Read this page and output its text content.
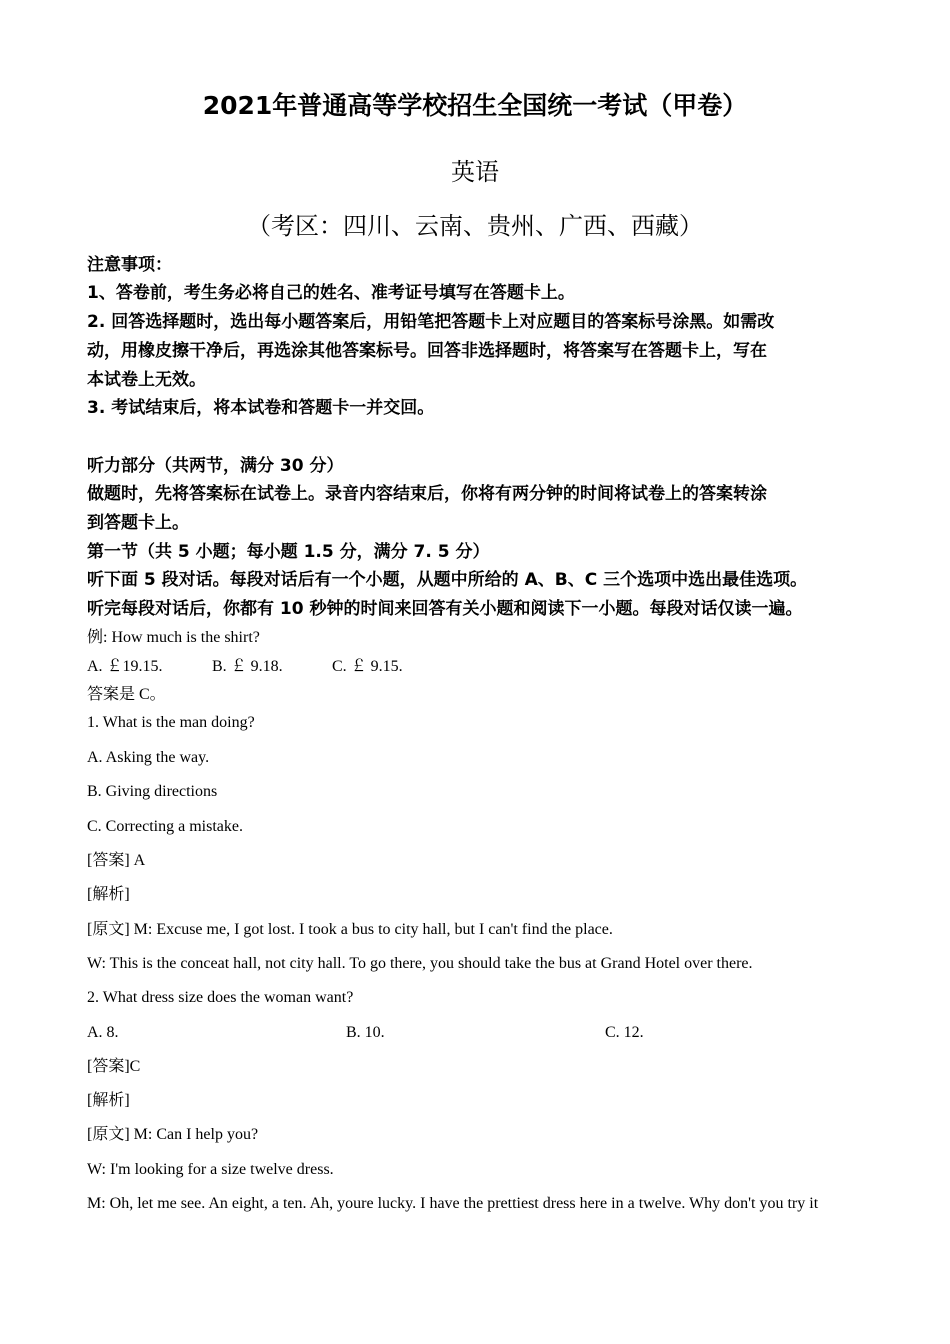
2021年普通高等学校招生全国统一考试（甲卷）
英语
（考区：四川、云南、贵州、广西、西藏）
注意事项：
1、答卷前，考生务必将自己的姓名、准考证号填写在答题卡上。
2. 回答选择题时，选出每小题答案后，用铅笔把答题卡上对应题目的答案标号涂黑。如需改
动，用橡皮擦干净后，再选涂其他答案标号。回答非选择题时，将答案写在答题卡上，写在
本试卷上无效。
3. 考试结束后，将本试卷和答题卡一并交回。
听力部分（共两节，满分 30 分）
做题时，先将答案标在试卷上。录音内容结束后，你将有两分钟的时间将试卷上的答案转涂
到答题卡上。
第一节（共 5 小题；每小题 1.5 分，满分 7. 5 分）
听下面 5 段对话。每段对话后有一个小题，从题中所给的 A、B、C 三个选项中选出最佳选项。
听完每段对话后，你都有 10 秒钟的时间来回答有关小题和阅读下一小题。每段对话仅读一遍。
例: How much is the shirt?
A. ￡19.15.	B. ￡ 9.18.	C. ￡ 9.15.
答案是 C。
1. What is the man doing?
A. Asking the way.
B. Giving directions
C. Correcting a mistake.
[答案] A
[解析]
[原文] M: Excuse me, I got lost. I took a bus to city hall, but I can't find the place.
W: This is the conceat hall, not city hall. To go there, you should take the bus at Grand Hotel over there.
2. What dress size does the woman want?
A. 8.	B. 10.	C. 12.
[答案]C
[解析]
[原文] M: Can I help you?
W: I'm looking for a size twelve dress.
M: Oh, let me see. An eight, a ten. Ah, youre lucky. I have the prettiest dress here in a twelve. Why don't you try it
